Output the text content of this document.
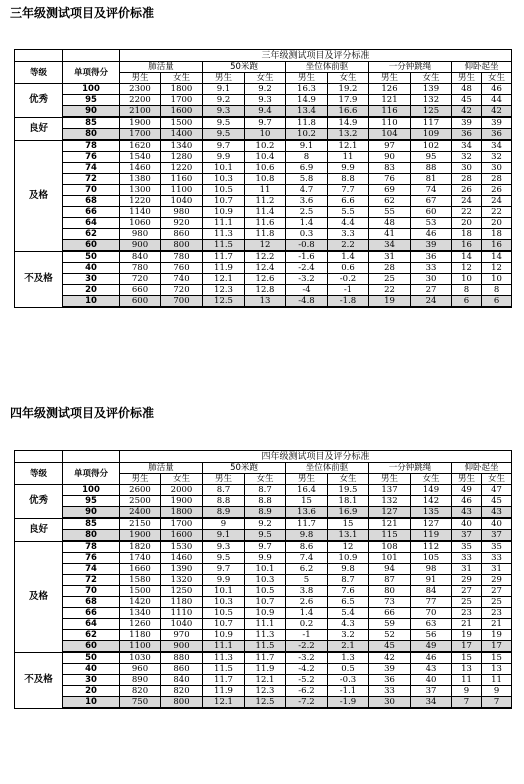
三年级测试项目及评价标准
		三年级测试项目及评分标准									
等级	单项得分	肺活量		50米跑		坐位体前驱		一分钟跳绳		仰卧起坐	
		男生	女生	男生	女生	男生	女生	男生	女生	男生	女生
优秀	100	2300	1800	9.1	9.2	16.3	19.2	126	139	48	46
	95	2200	1700	9.2	9.3	14.9	17.9	121	132	45	44
	90	2100	1600	9.3	9.4	13.4	16.6	116	125	42	42
良好	85	1900	1500	9.5	9.7	11.8	14.9	110	117	39	39
	80	1700	1400	9.5	10	10.2	13.2	104	109	36	36
及格	78	1620	1340	9.7	10.2	9.1	12.1	97	102	34	34
	76	1540	1280	9.9	10.4	8	11	90	95	32	32
	74	1460	1220	10.1	10.6	6.9	9.9	83	88	30	30
	72	1380	1160	10.3	10.8	5.8	8.8	76	81	28	28
	70	1300	1100	10.5	11	4.7	7.7	69	74	26	26
	68	1220	1040	10.7	11.2	3.6	6.6	62	67	24	24
	66	1140	980	10.9	11.4	2.5	5.5	55	60	22	22
	64	1060	920	11.1	11.6	1.4	4.4	48	53	20	20
	62	980	860	11.3	11.8	0.3	3.3	41	46	18	18
	60	900	800	11.5	12	-0.8	2.2	34	39	16	16
不及格	50	840	780	11.7	12.2	-1.6	1.4	31	36	14	14
	40	780	760	11.9	12.4	-2.4	0.6	28	33	12	12
	30	720	740	12.1	12.6	-3.2	-0.2	25	30	10	10
	20	660	720	12.3	12.8	-4	-1	22	27	8	8
	10	600	700	12.5	13	-4.8	-1.8	19	24	6	6
四年级测试项目及评价标准
		四年级测试项目及评分标准									
等级	单项得分	肺活量		50米跑		坐位体前驱		一分钟跳绳		仰卧起坐	
		男生	女生	男生	女生	男生	女生	男生	女生	男生	女生
优秀	100	2600	2000	8.7	8.7	16.4	19.5	137	149	49	47
	95	2500	1900	8.8	8.8	15	18.1	132	142	46	45
	90	2400	1800	8.9	8.9	13.6	16.9	127	135	43	43
良好	85	2150	1700	9	9.2	11.7	15	121	127	40	40
	80	1900	1600	9.1	9.5	9.8	13.1	115	119	37	37
及格	78	1820	1530	9.3	9.7	8.6	12	108	112	35	35
	76	1740	1460	9.5	9.9	7.4	10.9	101	105	33	33
	74	1660	1390	9.7	10.1	6.2	9.8	94	98	31	31
	72	1580	1320	9.9	10.3	5	8.7	87	91	29	29
	70	1500	1250	10.1	10.5	3.8	7.6	80	84	27	27
	68	1420	1180	10.3	10.7	2.6	6.5	73	77	25	25
	66	1340	1110	10.5	10.9	1.4	5.4	66	70	23	23
	64	1260	1040	10.7	11.1	0.2	4.3	59	63	21	21
	62	1180	970	10.9	11.3	-1	3.2	52	56	19	19
	60	1100	900	11.1	11.5	-2.2	2.1	45	49	17	17
不及格	50	1030	880	11.3	11.7	-3.2	1.3	42	46	15	15
	40	960	860	11.5	11.9	-4.2	0.5	39	43	13	13
	30	890	840	11.7	12.1	-5.2	-0.3	36	40	11	11
	20	820	820	11.9	12.3	-6.2	-1.1	33	37	9	9
	10	750	800	12.1	12.5	-7.2	-1.9	30	34	7	7
